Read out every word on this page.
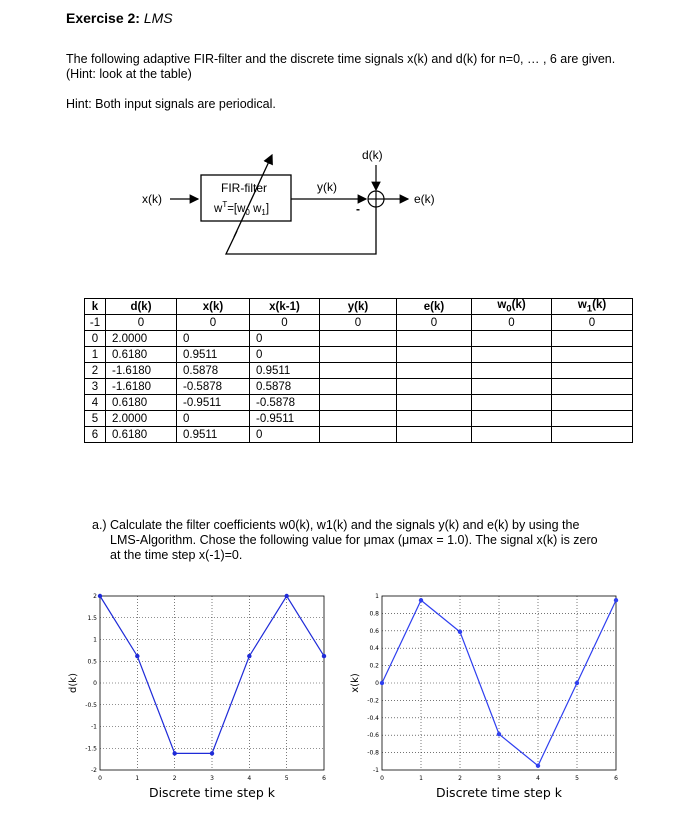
Exercise 2: LMS
The following adaptive FIR-filter and the discrete time signals x(k) and d(k) for n=0, … , 6 are given. (Hint: look at the table)
Hint: Both input signals are periodical.
x(k)
FIR-filter
$w^T=[w_0$ $w_1$]
y(k)
-
d(k)
e(k)
k	d(k)	x(k)	x(k-1)	y(k)	e(k)	$w_0(k)$	$w_1(k)$
-1	0	0	0	0	0	0	0
0	2.0000	0	0				
1	0.6180	0.9511	0				
2	-1.6180	0.5878	0.9511				
3	-1.6180	-0.5878	0.5878				
4	0.6180	-0.9511	-0.5878				
5	2.0000	0	-0.9511				
6	0.6180	0.9511	0				
a.) Calculate the filter coefficients w0(k), w1(k) and the signals y(k) and e(k) by using the
LMS-Algorithm. Chose the following value for μmax (μmax = 1.0). The signal x(k) is zero
at the time step x(-1)=0.
0	1	2	3	4	5	6
-2
-1.5
-1
-0.5
0
0.5
1
1.5
2
d(k)
Discrete time step k
0	1	2	3	4	5	6
-1
-0.8
-0.6
-0.4
-0.2
0
0.2
0.4
0.6
0.8
1
x(k)
Discrete time step k
